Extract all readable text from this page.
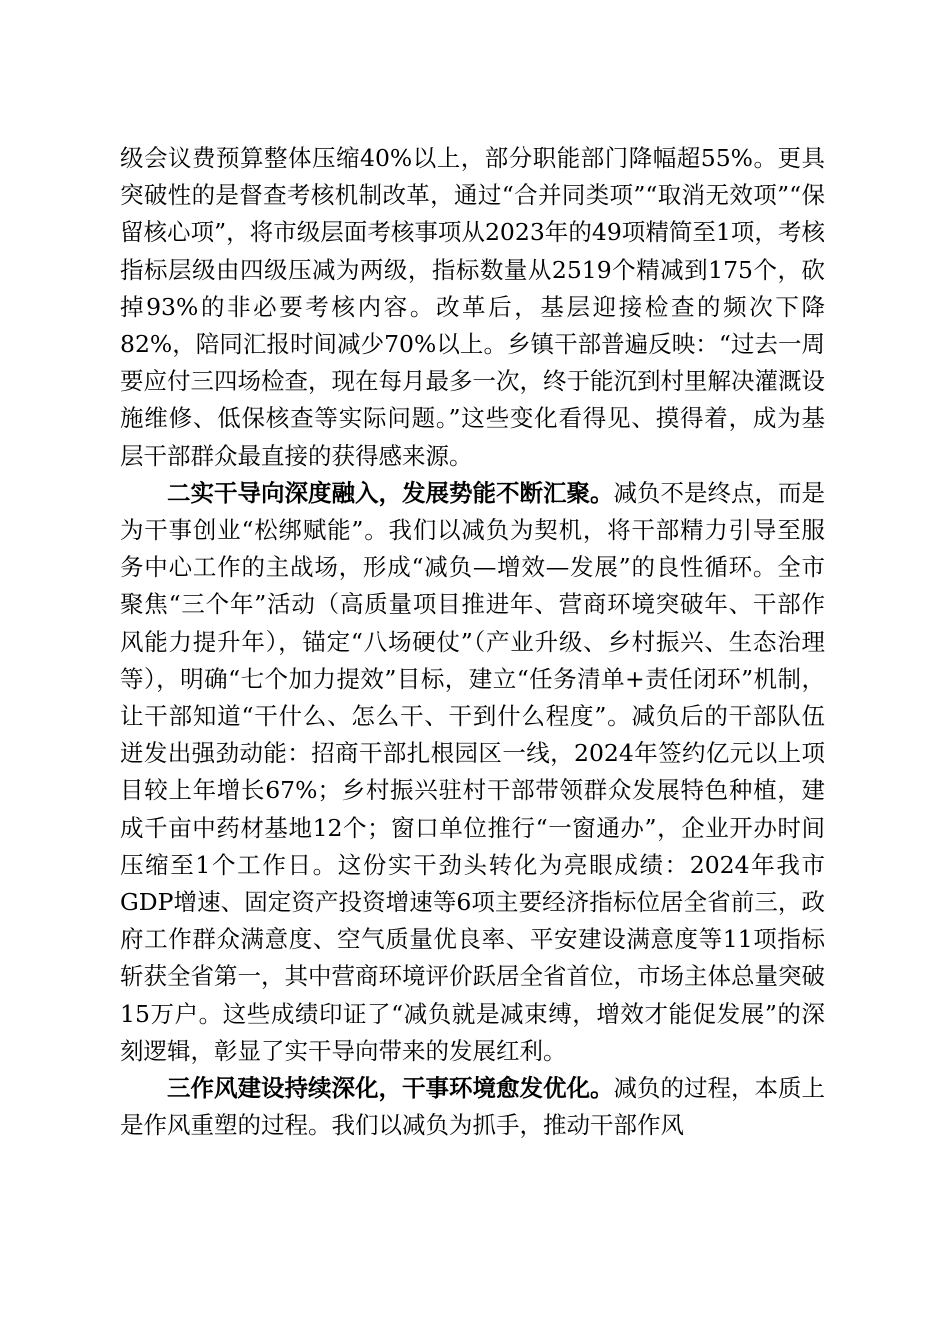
级会议费预算整体压缩40%以上，部分职能部门降幅超55%。更具突破性的是督查考核机制改革，通过“合并同类项”“取消无效项”“保留核心项”，将市级层面考核事项从2023年的49项精简至1项，考核指标层级由四级压减为两级，指标数量从2519个精减到175个，砍掉93%的非必要考核内容。改革后，基层迎接检查的频次下降82%，陪同汇报时间减少70%以上。乡镇干部普遍反映：“过去一周要应付三四场检查，现在每月最多一次，终于能沉到村里解决灌溉设施维修、低保核查等实际问题。”这些变化看得见、摸得着，成为基层干部群众最直接的获得感来源。

二实干导向深度融入，发展势能不断汇聚。减负不是终点，而是为干事创业“松绑赋能”。我们以减负为契机，将干部精力引导至服务中心工作的主战场，形成“减负—增效—发展”的良性循环。全市聚焦“三个年”活动（高质量项目推进年、营商环境突破年、干部作风能力提升年），锚定“八场硬仗”（产业升级、乡村振兴、生态治理等），明确“七个加力提效”目标，建立“任务清单+责任闭环”机制，让干部知道“干什么、怎么干、干到什么程度”。减负后的干部队伍迸发出强劲动能：招商干部扎根园区一线，2024年签约亿元以上项目较上年增长67%；乡村振兴驻村干部带领群众发展特色种植，建成千亩中药材基地12个；窗口单位推行“一窗通办”，企业开办时间压缩至1个工作日。这份实干劲头转化为亮眼成绩：2024年我市GDP增速、固定资产投资增速等6项主要经济指标位居全省前三，政府工作群众满意度、空气质量优良率、平安建设满意度等11项指标斩获全省第一，其中营商环境评价跃居全省首位，市场主体总量突破15万户。这些成绩印证了“减负就是减束缚，增效才能促发展”的深刻逻辑，彰显了实干导向带来的发展红利。

三作风建设持续深化，干事环境愈发优化。减负的过程，本质上是作风重塑的过程。我们以减负为抓手，推动干部作风
